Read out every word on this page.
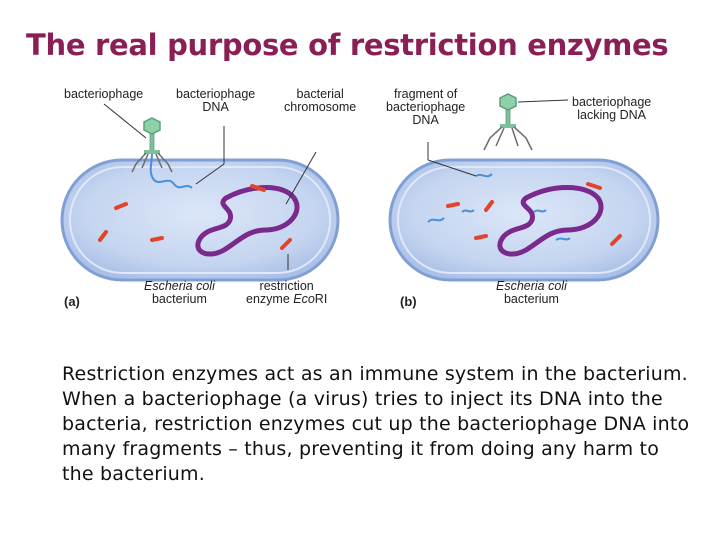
The real purpose of restriction enzymes
bacteriophage	bacteriophage
DNA
bacterial
chromosome
(a)
Escheria coli
bacterium
restriction
enzyme EcoRI
fragment of
bacteriophage
DNA
bacteriophage
lacking DNA
(b)
Escheria coli
bacterium

Restriction enzymes act as an immune system in the bacterium. When a bacteriophage (a virus) tries to inject its DNA into the bacteria, restriction enzymes cut up the bacteriophage DNA into many fragments – thus, preventing it from doing any harm to the bacterium.
